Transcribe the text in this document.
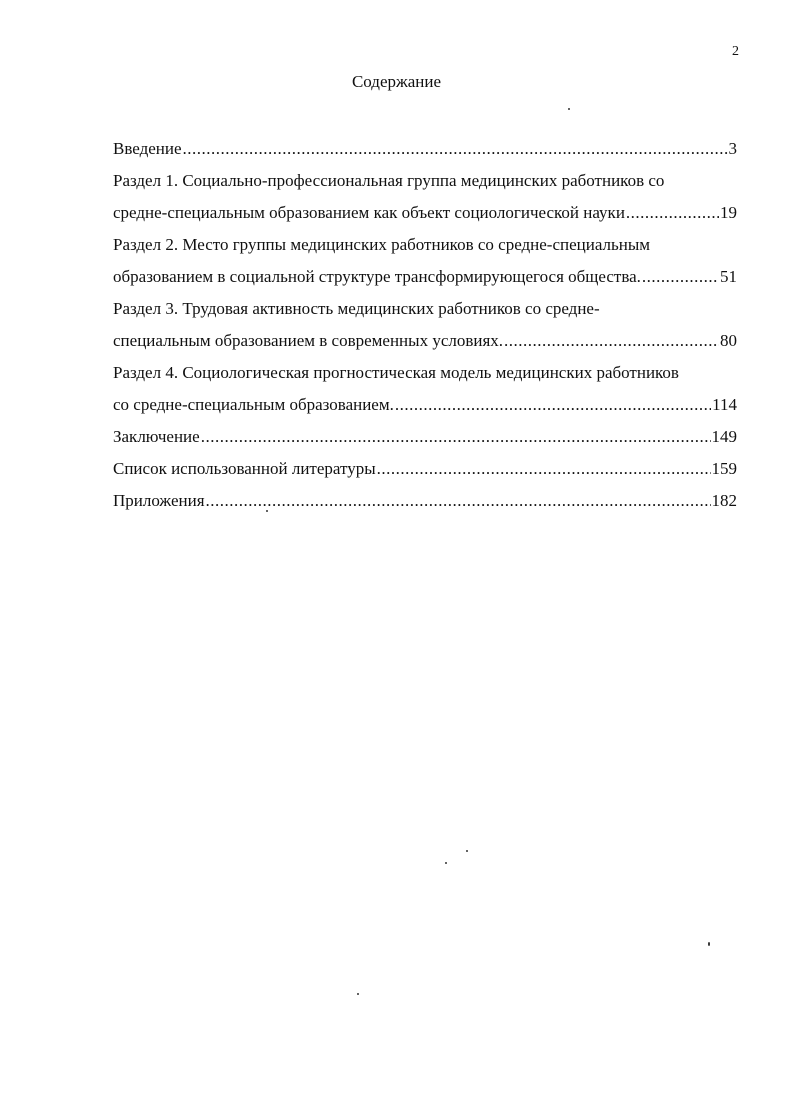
2
Содержание
Введение .....	3
Раздел 1. Социально-профессиональная группа медицинских работников со
средне-специальным образованием как объект социологической науки .....	19
Раздел 2. Место группы медицинских работников со средне-специальным
образованием в социальной структуре трансформирующегося общества. .....	51
Раздел 3. Трудовая активность медицинских работников со средне-
специальным образованием в современных условиях. .....	80
Раздел 4. Социологическая прогностическая модель медицинских работников
со средне-специальным образованием. .....	114
Заключение .....	149
Список использованной литературы .....	159
Приложения .....	182
